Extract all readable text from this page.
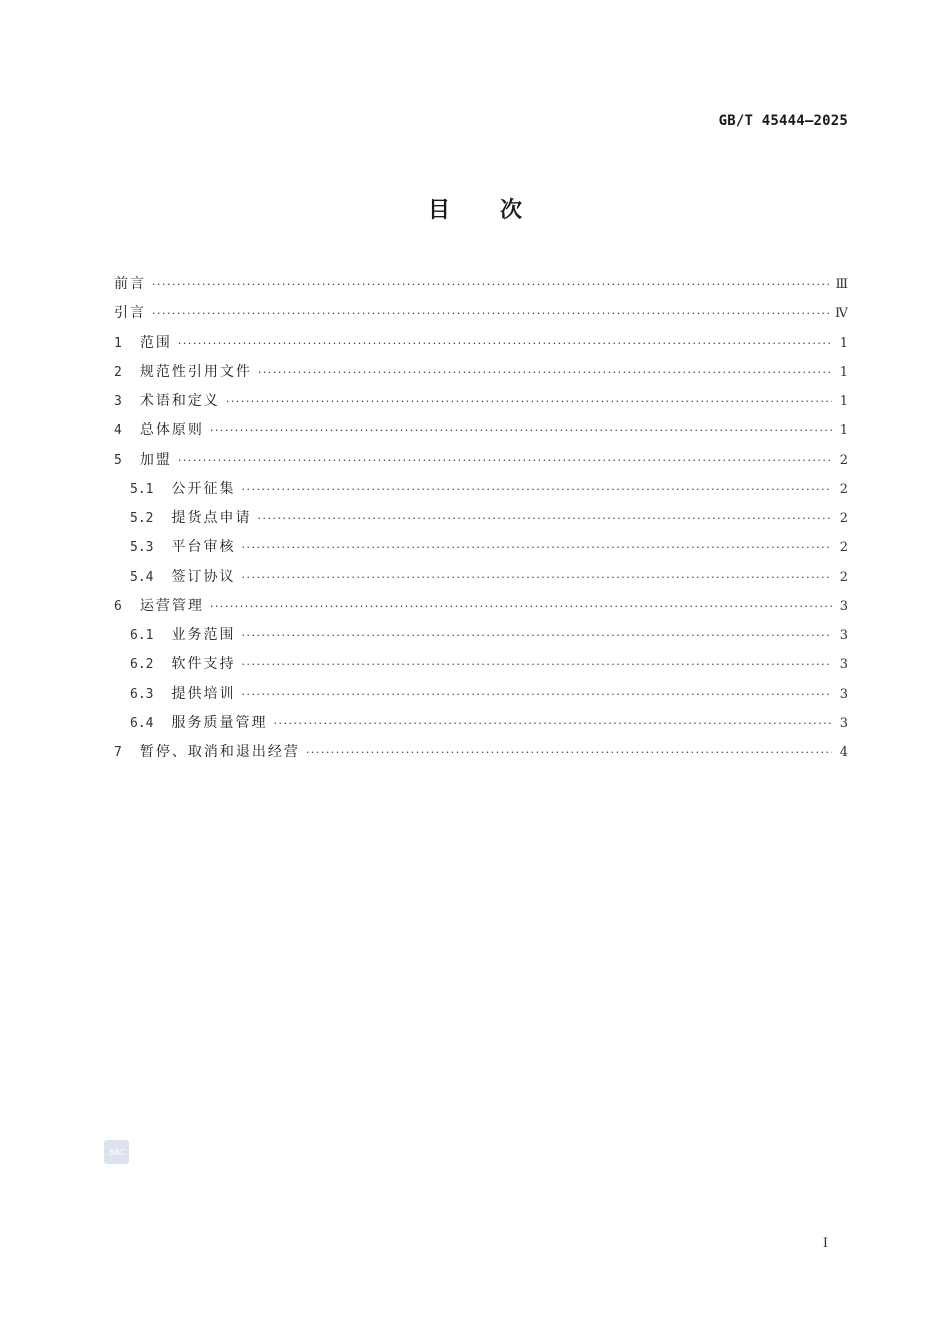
GB/T 45444—2025
目次
前言 ·····	Ⅲ
引言 ·····	Ⅳ
1 范围 ·····	1
2 规范性引用文件 ·····	1
3 术语和定义 ·····	1
4 总体原则 ·····	1
5 加盟 ·····	2
5.1 公开征集 ·····	2
5.2 提货点申请 ·····	2
5.3 平台审核 ·····	2
5.4 签订协议 ·····	2
6 运营管理 ·····	3
6.1 业务范围 ·····	3
6.2 软件支持 ·····	3
6.3 提供培训 ·····	3
6.4 服务质量管理 ·····	3
7 暂停、取消和退出经营 ·····	4
SAC
I
